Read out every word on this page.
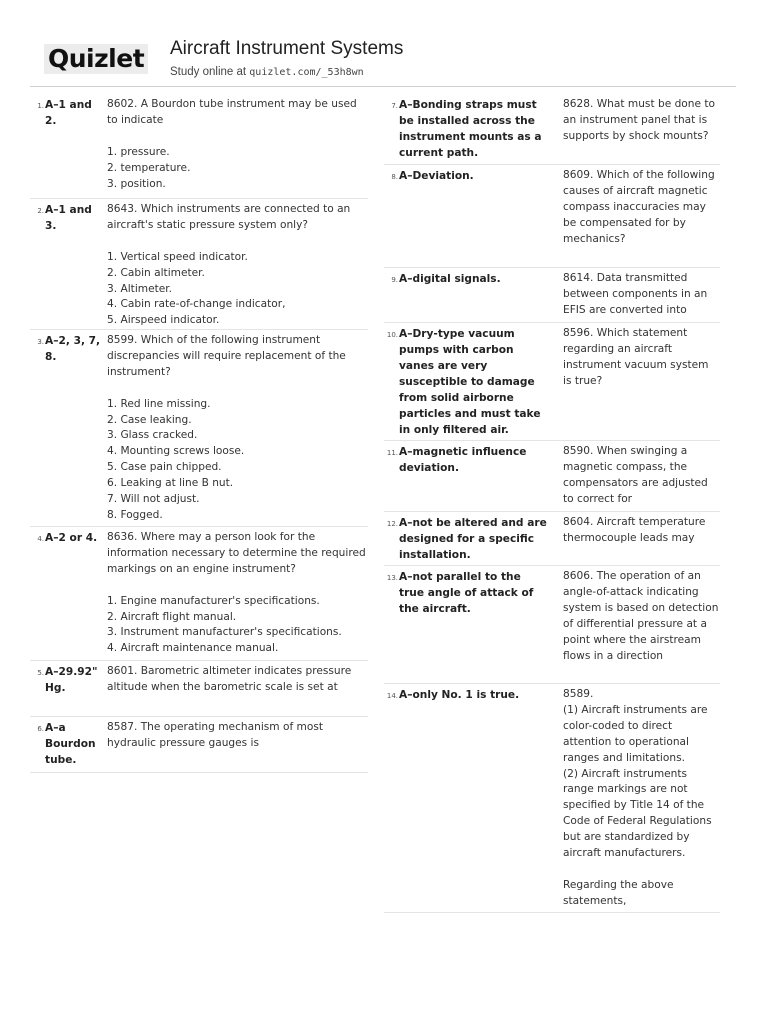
Quizlet Aircraft Instrument Systems
Study online at quizlet.com/_53h8wn
1. A–1 and 2.
8602. A Bourdon tube instrument may be used to indicate

1. pressure.
2. temperature.
3. position.
2. A–1 and 3.
8643. Which instruments are connected to an aircraft's static pressure system only?

1. Vertical speed indicator.
2. Cabin altimeter.
3. Altimeter.
4. Cabin rate-of-change indicator,
5. Airspeed indicator.
3. A–2, 3, 7, 8.
8599. Which of the following instrument discrepancies will require replacement of the instrument?

1. Red line missing.
2. Case leaking.
3. Glass cracked.
4. Mounting screws loose.
5. Case pain chipped.
6. Leaking at line B nut.
7. Will not adjust.
8. Fogged.
4. A–2 or 4. 8636. Where may a person look for the information necessary to determine the required markings on an engine instrument?

1. Engine manufacturer's specifications.
2. Aircraft flight manual.
3. Instrument manufacturer's specifications.
4. Aircraft maintenance manual.
5. A–29.92" Hg.
8601. Barometric altimeter indicates pressure altitude when the barometric scale is set at
6. A–a Bourdon tube.
8587. The operating mechanism of most hydraulic pressure gauges is
7. A–Bonding straps must be installed across the instrument mounts as a current path.
8628. What must be done to an instrument panel that is supports by shock mounts?
8. A–Deviation.	8609. Which of the following causes of aircraft magnetic compass inaccuracies may be compensated for by mechanics?
9. A–digital signals.	8614. Data transmitted between components in an EFIS are converted into
10. A–Dry-type vacuum pumps with carbon vanes are very susceptible to damage from solid airborne particles and must take in only filtered air.
8596. Which statement regarding an aircraft instrument vacuum system is true?
11. A–magnetic influence deviation.
8590. When swinging a magnetic compass, the compensators are adjusted to correct for
12. A–not be altered and are designed for a specific installation.
8604. Aircraft temperature thermocouple leads may
13. A–not parallel to the true angle of attack of the aircraft.
8606. The operation of an angle-of-attack indicating system is based on detection of differential pressure at a point where the airstream flows in a direction
14. A–only No. 1 is true.	8589.
(1) Aircraft instruments are color-coded to direct attention to operational ranges and limitations.
(2) Aircraft instruments range markings are not specified by Title 14 of the Code of Federal Regulations but are standardized by aircraft manufacturers.

Regarding the above statements,
